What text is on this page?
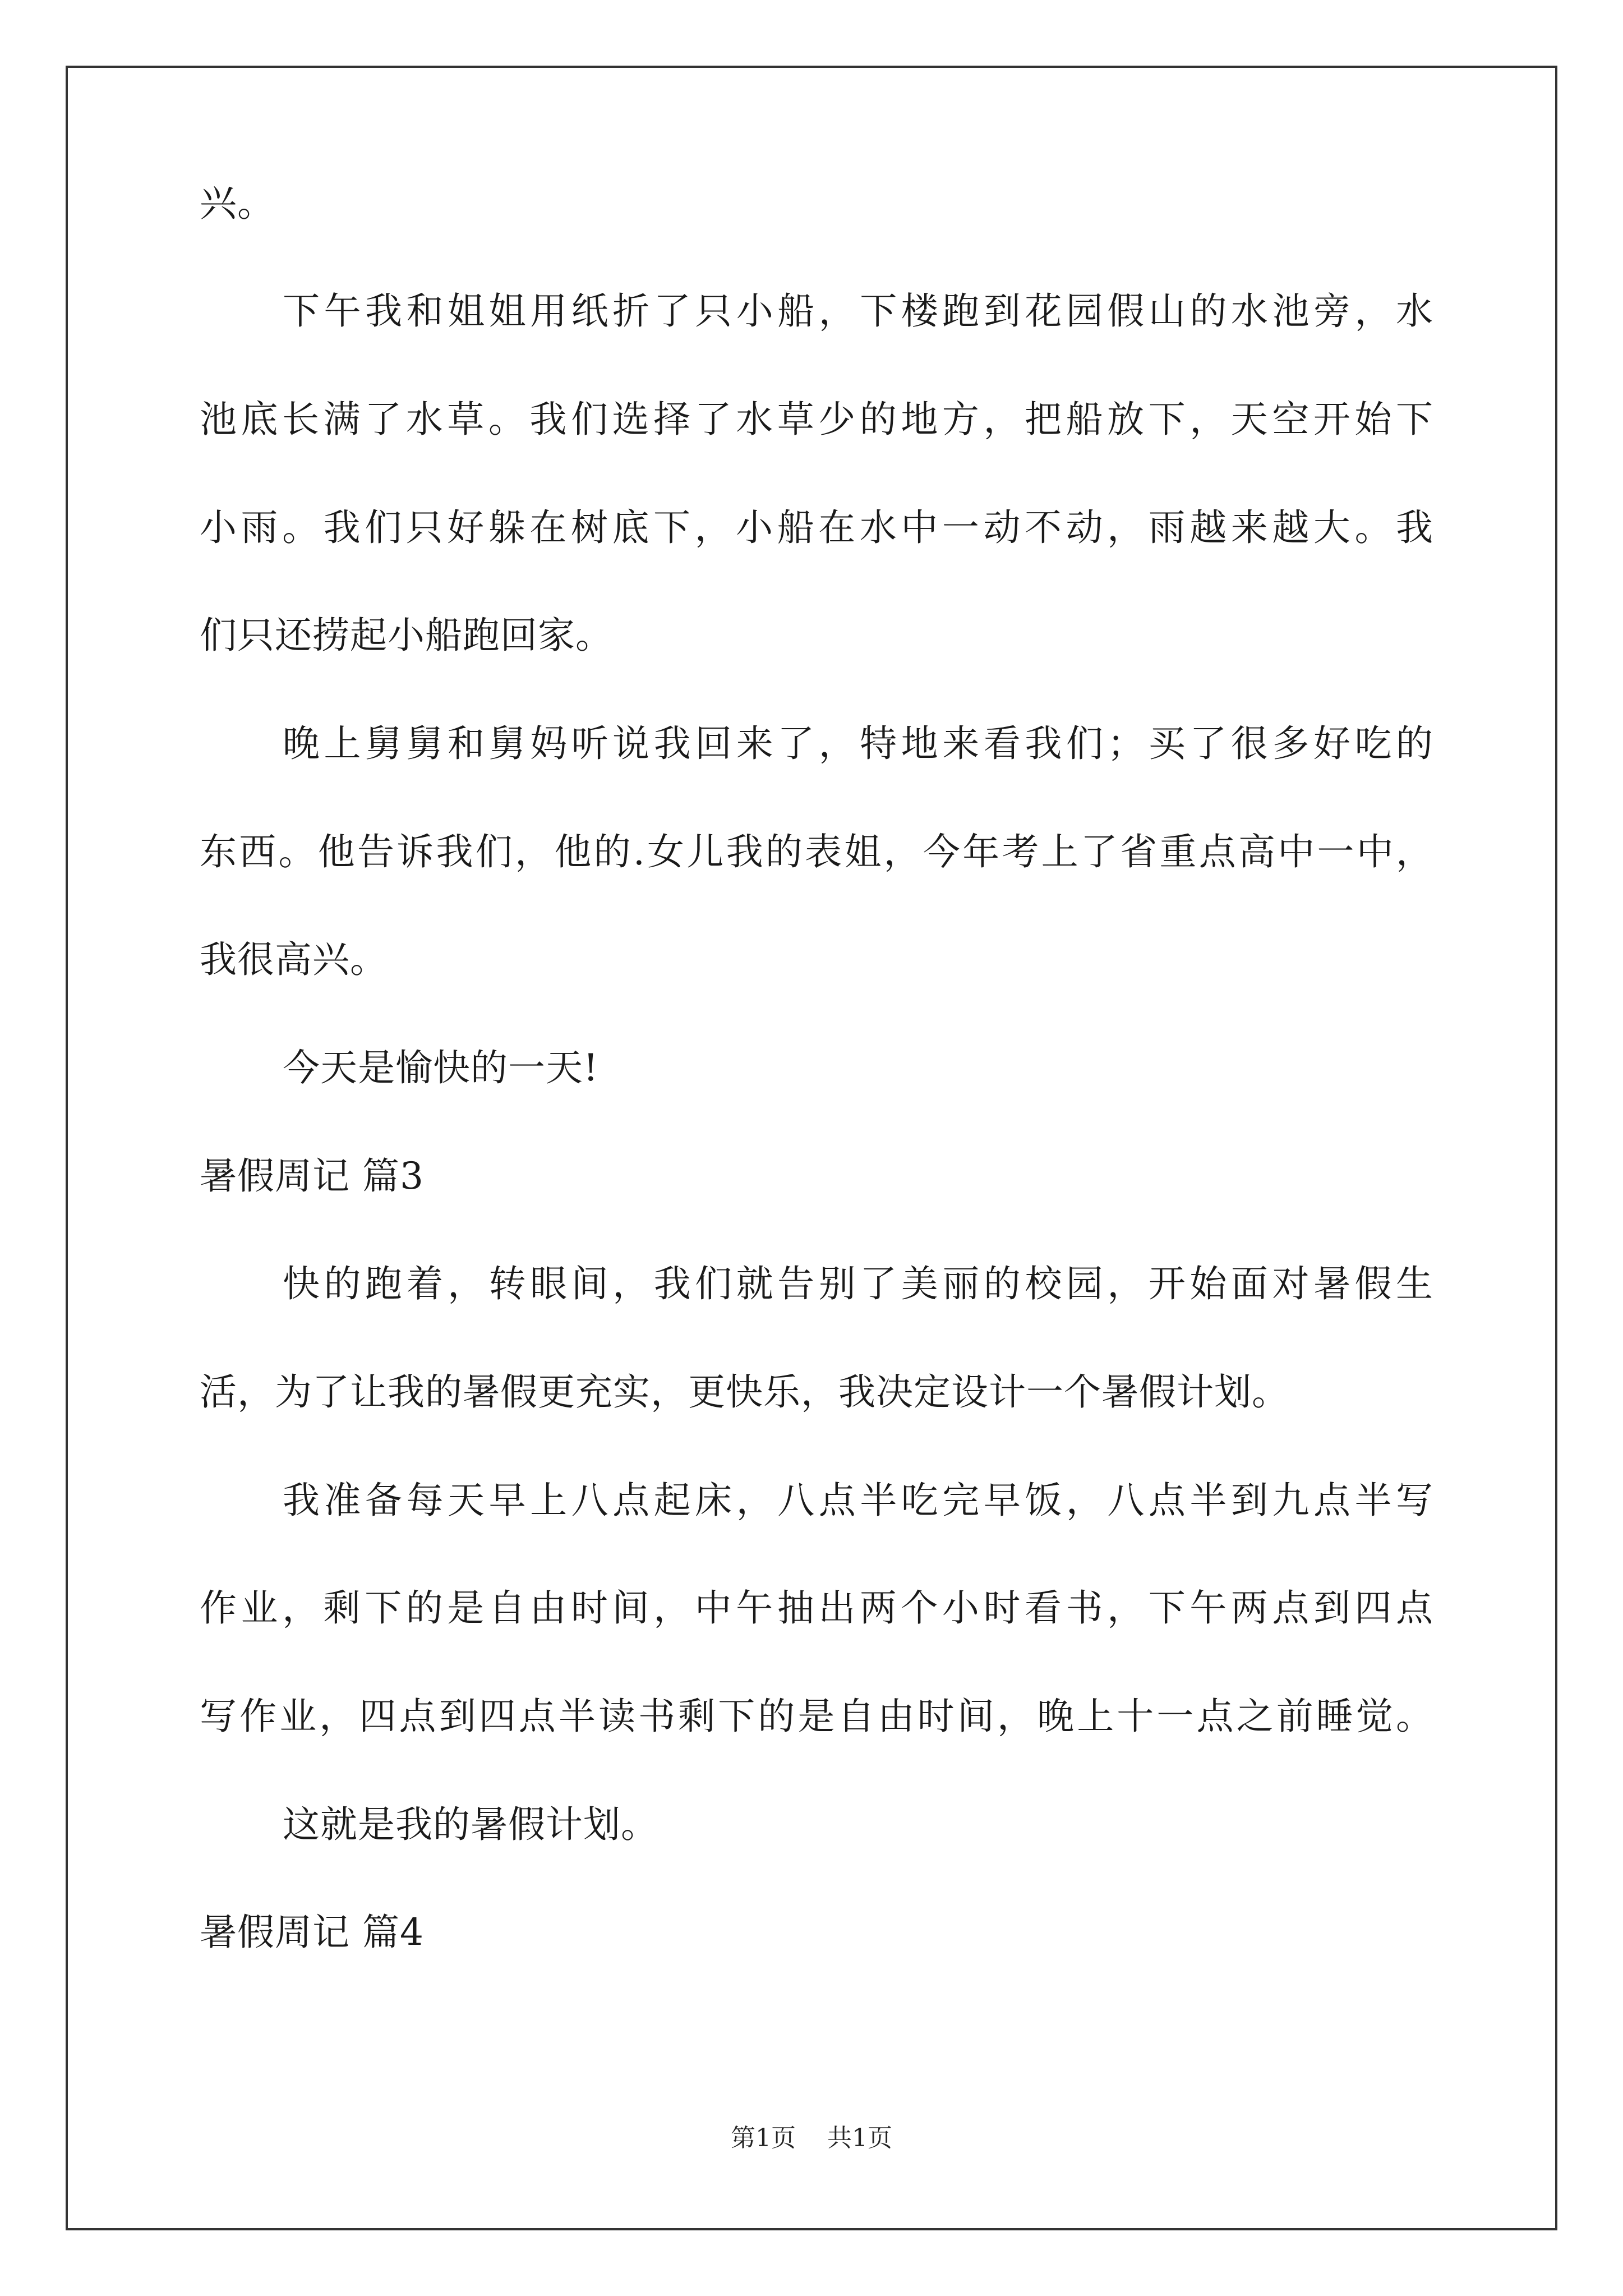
兴。
下午我和姐姐用纸折了只小船，下楼跑到花园假山的水池旁，水
池底长满了水草。我们选择了水草少的地方，把船放下，天空开始下
小雨。我们只好躲在树底下，小船在水中一动不动，雨越来越大。我
们只还捞起小船跑回家。
晚上舅舅和舅妈听说我回来了，特地来看我们；买了很多好吃的
东西。他告诉我们，他的.女儿我的表姐，今年考上了省重点高中一中，
我很高兴。
今天是愉快的一天!
暑假周记 篇3
快的跑着，转眼间，我们就告别了美丽的校园，开始面对暑假生
活，为了让我的暑假更充实，更快乐，我决定设计一个暑假计划。
我准备每天早上八点起床，八点半吃完早饭，八点半到九点半写
作业，剩下的是自由时间，中午抽出两个小时看书，下午两点到四点
写作业，四点到四点半读书剩下的是自由时间，晚上十一点之前睡觉。
这就是我的暑假计划。
暑假周记 篇4
第1页 共1页
